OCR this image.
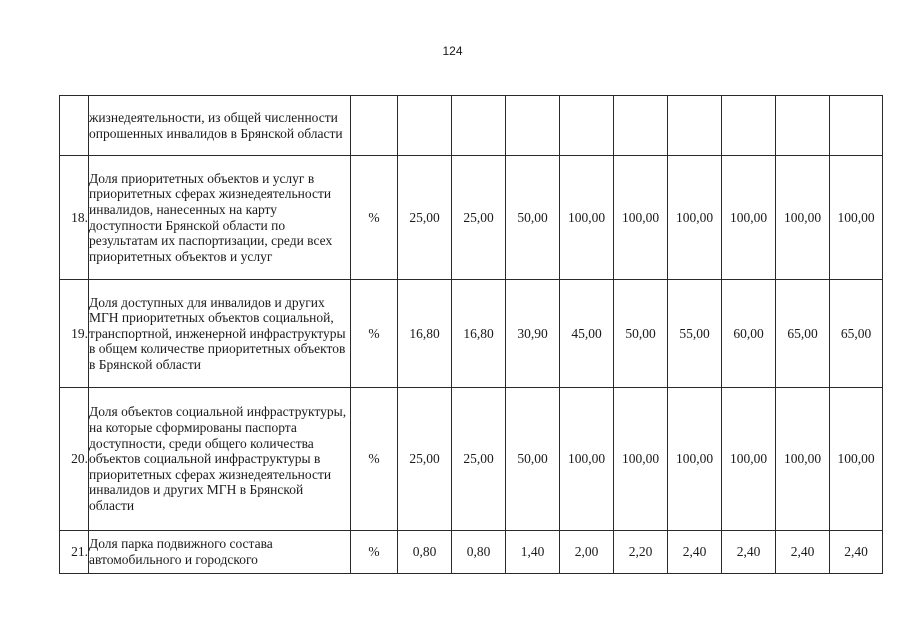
124
	жизнедеятельности, из общей численности опрошенных инвалидов в Брянской области										
18.	Доля приоритетных объектов и услуг в приоритетных сферах жизнедеятельности инвалидов, нанесенных на карту доступности Брянской области по результатам их паспортизации, среди всех приоритетных объектов и услуг	%	25,00	25,00	50,00	100,00	100,00	100,00	100,00	100,00	100,00
19.	Доля доступных для инвалидов и других МГН приоритетных объектов социальной, транспортной, инженерной инфраструктуры в общем количестве приоритетных объектов в Брянской области	%	16,80	16,80	30,90	45,00	50,00	55,00	60,00	65,00	65,00
20.	Доля объектов социальной инфраструктуры, на которые сформированы паспорта доступности, среди общего количества объектов социальной инфраструктуры в приоритетных сферах жизнедеятельности инвалидов и других МГН в Брянской области	%	25,00	25,00	50,00	100,00	100,00	100,00	100,00	100,00	100,00
21.	Доля парка подвижного состава автомобильного и городского	%	0,80	0,80	1,40	2,00	2,20	2,40	2,40	2,40	2,40
